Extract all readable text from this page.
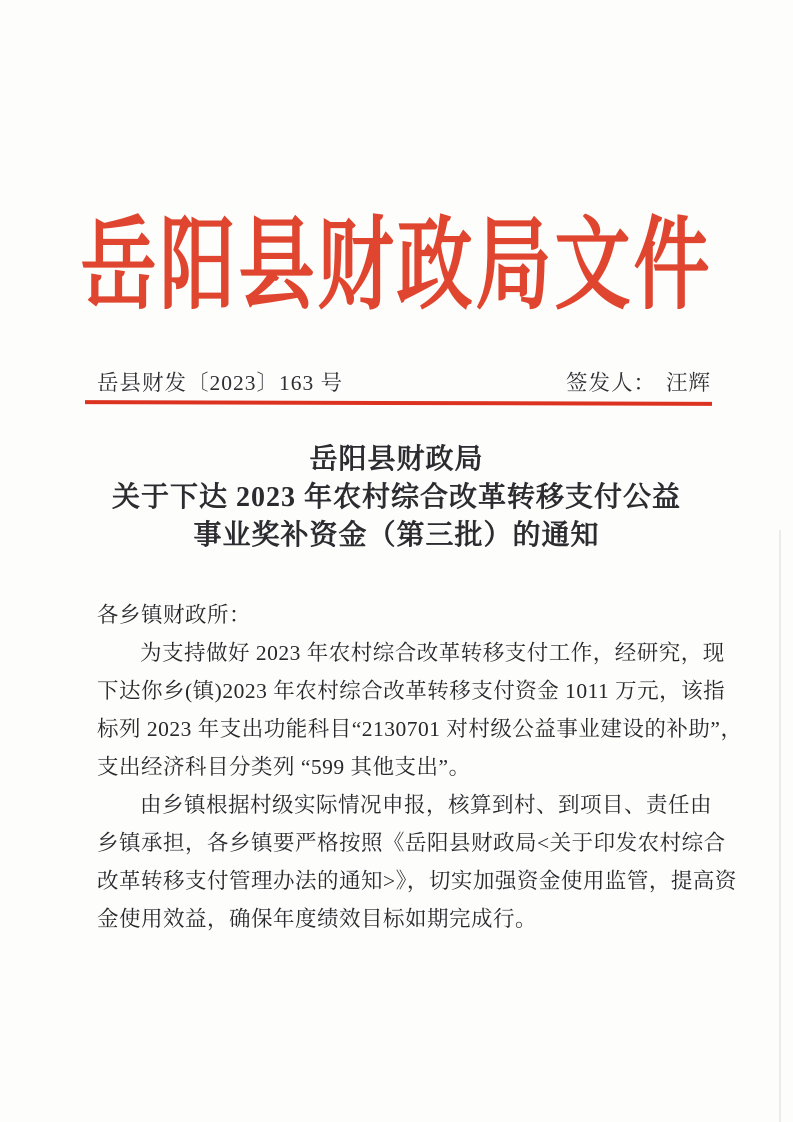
岳阳县财政局文件
岳县财发〔2023〕163 号	签发人： 汪辉
岳阳县财政局
关于下达 2023 年农村综合改革转移支付公益
事业奖补资金（第三批）的通知
各乡镇财政所：
为支持做好 2023 年农村综合改革转移支付工作，经研究，现
下达你乡(镇)2023 年农村综合改革转移支付资金 1011 万元，该指
标列 2023 年支出功能科目“2130701 对村级公益事业建设的补助”，
支出经济科目分类列 “599 其他支出”。
由乡镇根据村级实际情况申报，核算到村、到项目、责任由
乡镇承担，各乡镇要严格按照《岳阳县财政局<关于印发农村综合
改革转移支付管理办法的通知>》，切实加强资金使用监管，提高资
金使用效益，确保年度绩效目标如期完成行。
